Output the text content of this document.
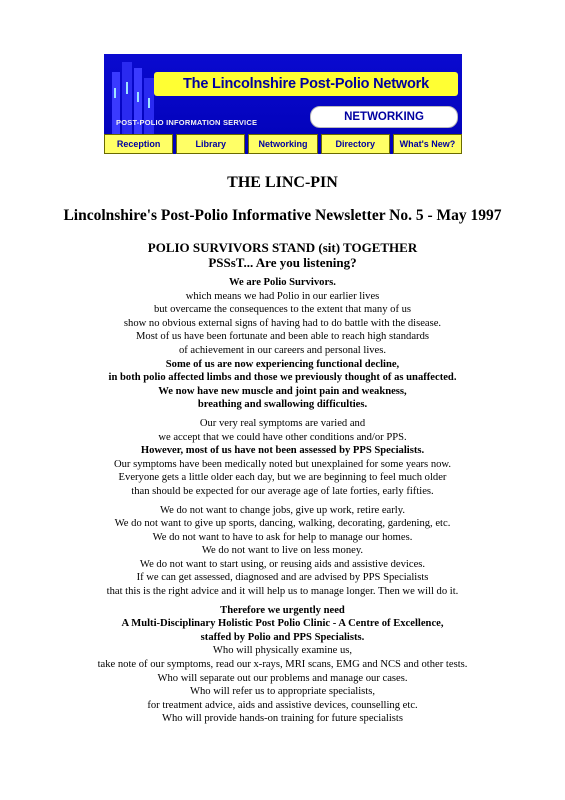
The Lincolnshire Post-Polio Network
NETWORKING
POST-POLIO INFORMATION SERVICE
Reception	Library	Networking	Directory	What's New?
THE LINC-PIN
Lincolnshire's Post-Polio Informative Newsletter No. 5 - May 1997
POLIO SURVIVORS STAND (sit) TOGETHER
PSSsT... Are you listening?
We are Polio Survivors.
which means we had Polio in our earlier lives
but overcame the consequences to the extent that many of us
show no obvious external signs of having had to do battle with the disease.
Most of us have been fortunate and been able to reach high standards
of achievement in our careers and personal lives.
Some of us are now experiencing functional decline,
in both polio affected limbs and those we previously thought of as unaffected.
We now have new muscle and joint pain and weakness,
breathing and swallowing difficulties.
Our very real symptoms are varied and
we accept that we could have other conditions and/or PPS.
However, most of us have not been assessed by PPS Specialists.
Our symptoms have been medically noted but unexplained for some years now.
Everyone gets a little older each day, but we are beginning to feel much older
than should be expected for our average age of late forties, early fifties.
We do not want to change jobs, give up work, retire early.
We do not want to give up sports, dancing, walking, decorating, gardening, etc.
We do not want to have to ask for help to manage our homes.
We do not want to live on less money.
We do not want to start using, or reusing aids and assistive devices.
If we can get assessed, diagnosed and are advised by PPS Specialists
that this is the right advice and it will help us to manage longer. Then we will do it.
Therefore we urgently need
A Multi-Disciplinary Holistic Post Polio Clinic - A Centre of Excellence,
staffed by Polio and PPS Specialists.
Who will physically examine us,
take note of our symptoms, read our x-rays, MRI scans, EMG and NCS and other tests.
Who will separate out our problems and manage our cases.
Who will refer us to appropriate specialists,
for treatment advice, aids and assistive devices, counselling etc.
Who will provide hands-on training for future specialists
